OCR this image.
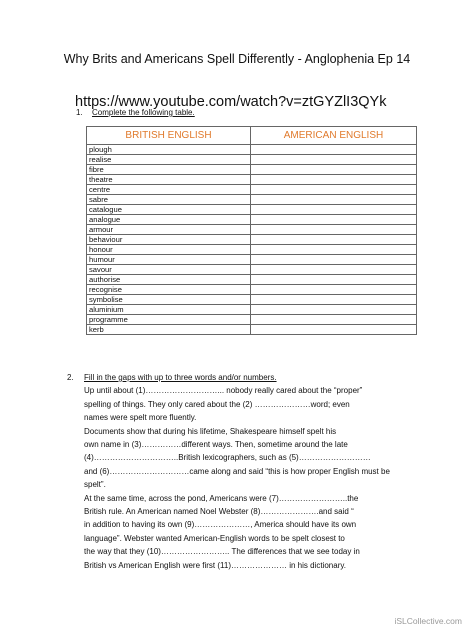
Why Brits and Americans Spell Differently - Anglophenia Ep 14
https://www.youtube.com/watch?v=ztGYZlI3QYk
1. Complete the following table.
BRITISH ENGLISH	AMERICAN ENGLISH
plough	
realise	
fibre	
theatre	
centre	
sabre	
catalogue	
analogue	
armour	
behaviour	
honour	
humour	
savour	
authorise	
recognise	
symbolise	
aluminium	
programme	
kerb	
2. Fill in the gaps with up to three words and/or numbers.
Up until about (1)………………………... nobody really cared about the “proper”
spelling of things. They only cared about the (2) …………………word; even
names were spelt more fluently.
Documents show that during his lifetime, Shakespeare himself spelt his
own name in (3)……………different ways. Then, sometime around the late
(4)…………………………..British lexicographers, such as (5)………………………
and (6)…………………………came along and said “this is how proper English must be
spelt”.
At the same time, across the pond, Americans were (7)……………………..the
British rule. An American named Noel Webster (8)………………….and said “
in addition to having its own (9)…………………, America should have its own
language”. Webster wanted American-English words to be spelt closest to
the way that they (10)…………………….. The differences that we see today in
British vs American English were first (11)………………… in his dictionary.
iSLCollective.com
